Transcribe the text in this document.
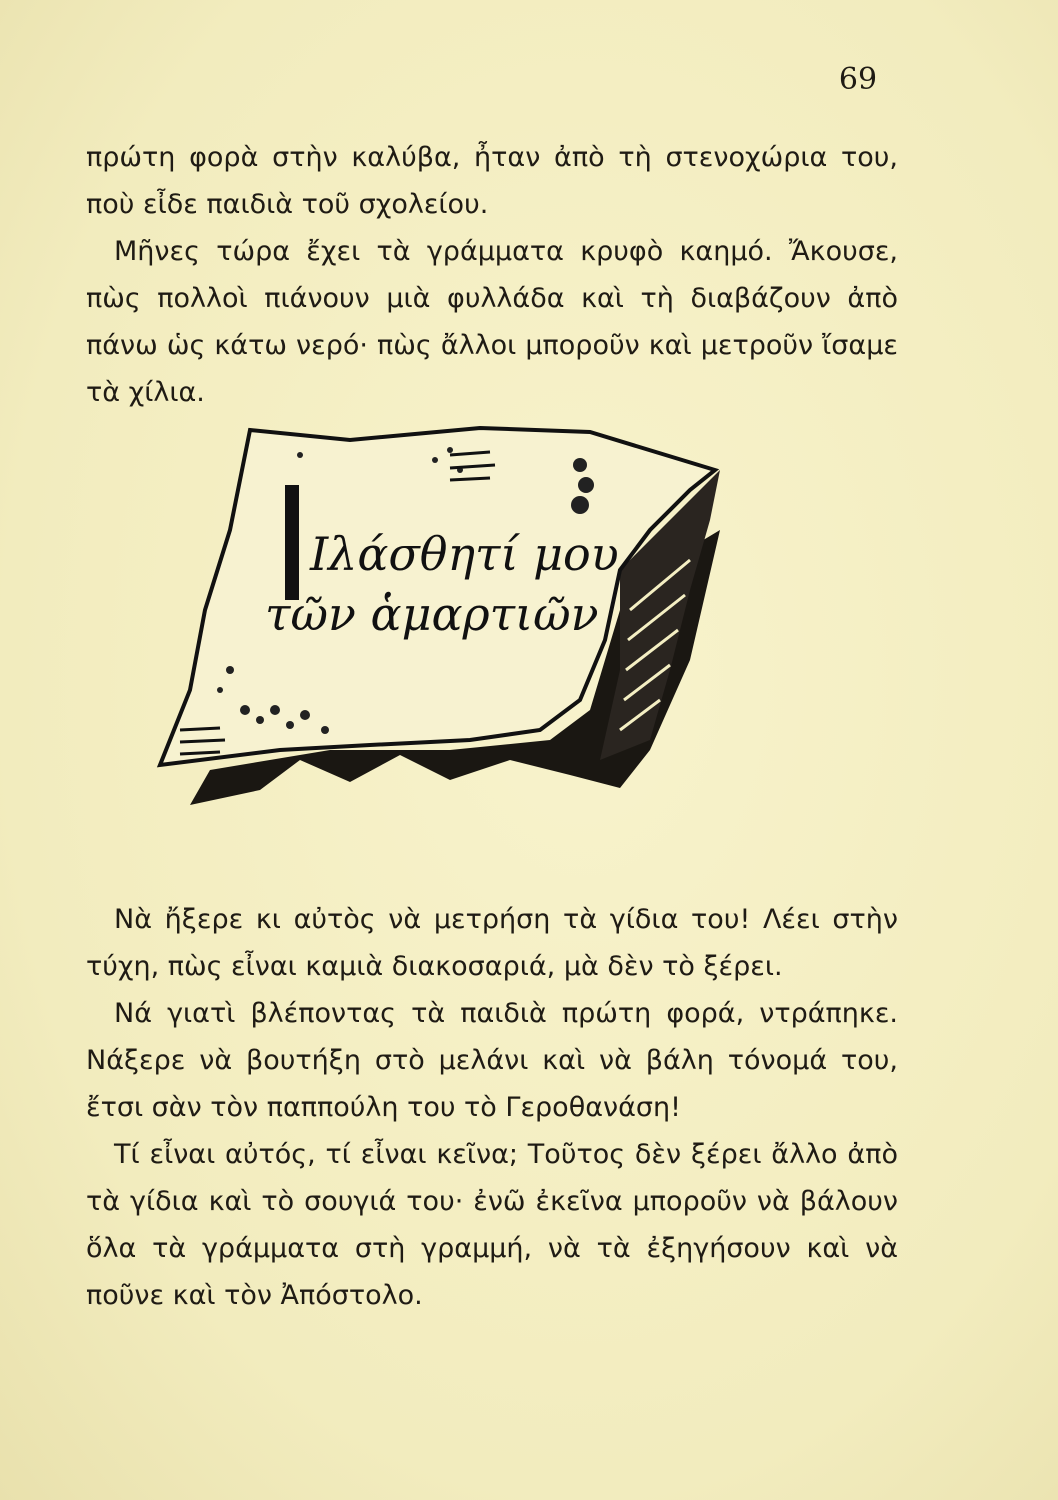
69

πρώτη φορὰ στὴν καλύβα, ἦταν ἀπὸ τὴ στενοχώρια του, ποὺ εἶδε παιδιὰ τοῦ σχολείου.

Μῆνες τώρα ἔχει τὰ γράμματα κρυφὸ καημό. Ἄκουσε, πὼς πολλοὶ πιάνουν μιὰ φυλλάδα καὶ τὴ διαβάζουν ἀπὸ πάνω ὡς κάτω νερό· πὼς ἄλλοι μποροῦν καὶ μετροῦν ἴσαμε τὰ χίλια.

Ιλάσθητί μου
τῶν ἁμαρτιῶν

Νὰ ἤξερε κι αὐτὸς νὰ μετρήση τὰ γίδια του! Λέει στὴν τύχη, πὼς εἶναι καμιὰ διακοσαριά, μὰ δὲν τὸ ξέρει.

Νά γιατὶ βλέποντας τὰ παιδιὰ πρώτη φορά, ντράπηκε. Νάξερε νὰ βουτήξη στὸ μελάνι καὶ νὰ βάλη τόνομά του, ἔτσι σὰν τὸν παππούλη του τὸ Γεροθανάση!

Τί εἶναι αὐτός, τί εἶναι κεῖνα; Τοῦτος δὲν ξέρει ἄλλο ἀπὸ τὰ γίδια καὶ τὸ σουγιά του· ἐνῶ ἐκεῖνα μποροῦν νὰ βάλουν ὅλα τὰ γράμματα στὴ γραμμή, νὰ τὰ ἐξηγήσουν καὶ νὰ ποῦνε καὶ τὸν Ἀπόστολο.
